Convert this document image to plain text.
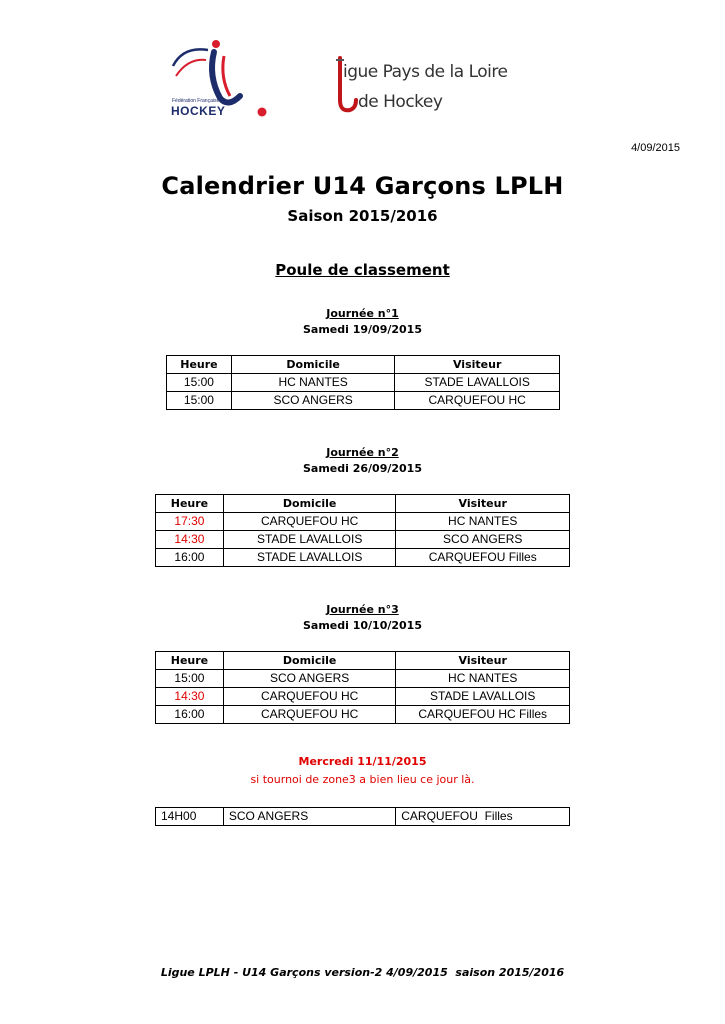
Fédération Française de
HOCKEY
igue Pays de la Loire
de Hockey
4/09/2015
Calendrier U14 Garçons LPLH
Saison 2015/2016
Poule de classement
Journée n°1
Samedi 19/09/2015
Heure	Domicile	Visiteur
15:00	HC NANTES	STADE LAVALLOIS
15:00	SCO ANGERS	CARQUEFOU HC
Journée n°2
Samedi 26/09/2015
Heure	Domicile	Visiteur
17:30	CARQUEFOU HC	HC NANTES
14:30	STADE LAVALLOIS	SCO ANGERS
16:00	STADE LAVALLOIS	CARQUEFOU Filles
Journée n°3
Samedi 10/10/2015
Heure	Domicile	Visiteur
15:00	SCO ANGERS	HC NANTES
14:30	CARQUEFOU HC	STADE LAVALLOIS
16:00	CARQUEFOU HC	CARQUEFOU HC Filles
Mercredi 11/11/2015
si tournoi de zone3 a bien lieu ce jour là.
14H00	SCO ANGERS	CARQUEFOU  Filles
Ligue LPLH - U14 Garçons version-2 4/09/2015  saison 2015/2016
